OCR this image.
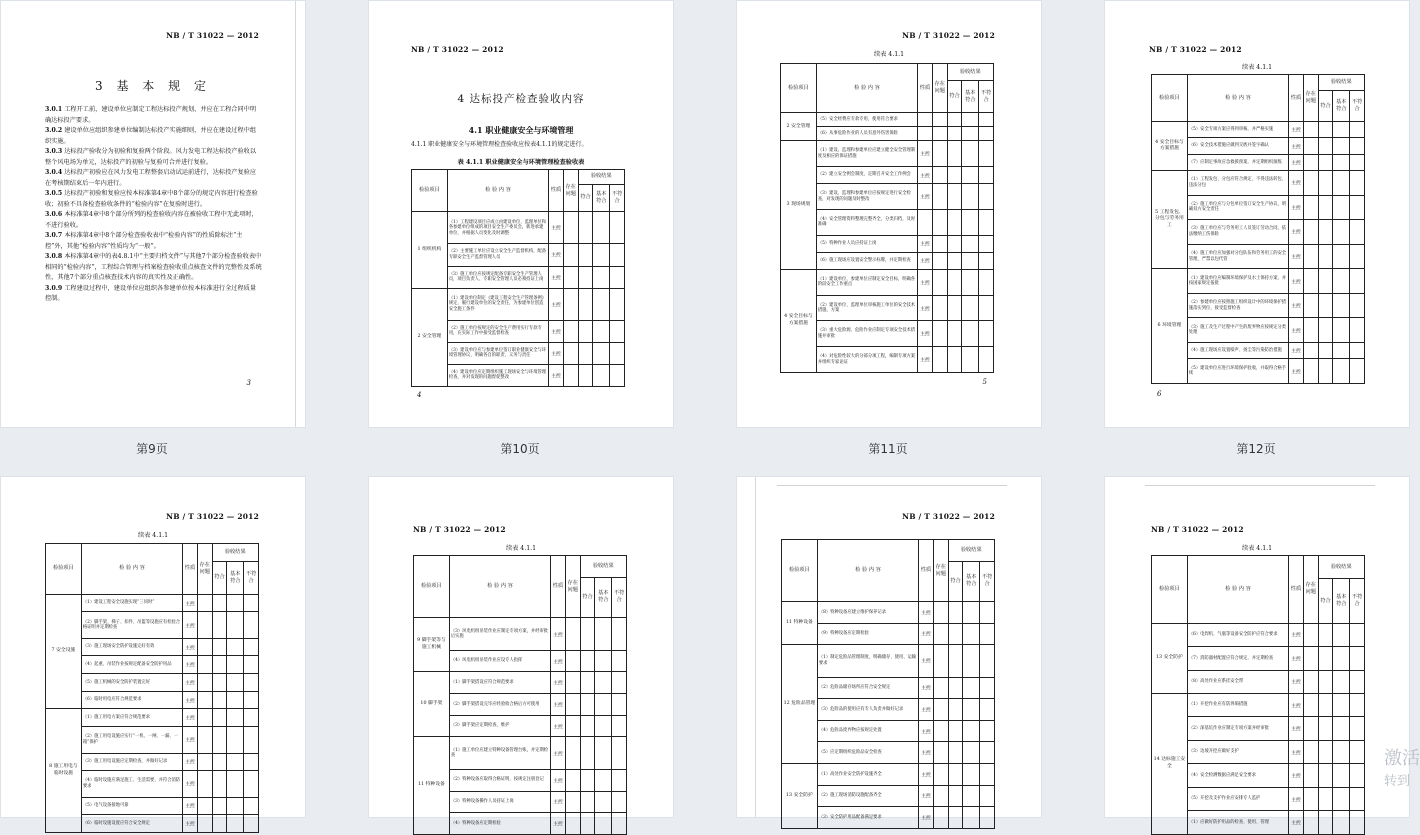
NB / T 31022 — 2012
3 基 本 规 定

3.0.1 工程开工前，建设单位应制定工程达标投产规划，并应在工程合同中明确达标投产要求。

3.0.2 建设单位应组织参建单位编制达标投产实施细则，并应在建设过程中组织实施。

3.0.3 达标投产验收分为初验和复验两个阶段。风力发电工程达标投产验收以整个风电场为单元，达标投产的初验与复验可合并进行复验。

3.0.4 达标投产初验应在风力发电工程整套启动试运前进行，达标投产复验应在考核期结束后一年内进行。

3.0.5 达标投产初验和复验应按本标准第4章中8个部分的规定内容进行检查验收；初验不具备检查验收条件的“检验内容”在复验时进行。

3.0.6 本标准第4章中8个部分所列的检查验收内容在被验收工程中无此项时，不进行验收。

3.0.7 本标准第4章中8个部分检查验收表中“检验内容”的性质除标注“主控”外，其他“检验内容”性质均为“一般”。

3.0.8 本标准第4章中的表4.8.1中“主要归档文件”与其他7个部分检查验收表中相同的“检验内容”，工程综合管理与档案检查验收重点核查文件的完整性及系统性，其他7个部分重点核查技术内容的真实性及正确性。

3.0.9 工程建设过程中，建设单位应组织各参建单位按本标准进行全过程质量控制。

3
第9页
NB / T 31022 — 2012
4 达标投产检查验收内容
4.1 职业健康安全与环境管理
4.1.1 职业健康安全与环境管理检查验收应按表4.1.1的规定进行。
表 4.1.1 职业健康安全与环境管理检查验收表
检验项目	检 验 内 容	性质	存在问题	验收结果		
				符合	基本符合	不符合
1 组织机构	（1）工程建设项目应成立由建设单位、监理单位和各参建单位组成的项目安全生产委员会，新进承建单位，并根据人员变化及时调整	主控				
	（2）主要施工单位应设立安全生产监督机构，配备专职安全生产监督管理人员	主控				
	（3）施工单位应按规定配备专职安全生产管理人员，项目负责人、专职安全管理人员必须持证上岗	主控				
2 安全管理	（1）建设单位制定《建设工程安全生产管理条例》规定，履行建设单位的安全责任，为参建单位创造安全施工条件	主控				
	（2）施工单位按规定的安全生产费用实行专款专用，在实际工作中接受监督检查	主控				
	（3）建设单位应与参建单位签订职业健康安全与环境管理协议，明确各自的职责、义务与责任	主控				
	（4）建设单位应定期组织施工现场安全与环境管理检查，并对发现的问题督促整改	主控				
4
第10页
NB / T 31022 — 2012
续表 4.1.1
检验项目	检 验 内 容	性质	存在问题	验收结果		
				符合	基本符合	不符合
2 安全管理	（5）安全经费应专款专用，使用符合要求					
	（6）从事危险作业的人员有意外伤害保险					
3 现场规划	（1）建设、监理和参建单位应建立健全安全管理制度及相应的保证措施	主控				
	（2）建立安全例会制度，定期召开安全工作例会	主控				
	（3）建设、监理和参建单位应按规定进行安全检查，对发现的问题及时整改	主控				
	（4）安全管理资料整理完整齐全，分类归档，及时准确					
	（5）特种作业人员应持证上岗	主控				
	（6）施工现场应设置安全警示标牌，并定期检查	主控				
4 安全目标与方案措施	（1）建设单位、参建单位应制定安全目标，明确各阶段安全工作重点	主控				
	（2）建设单位、监理单位审核施工单位的安全技术措施、方案	主控				
	（3）重大危险源、危险作业应制定专项安全技术措施并审批	主控				
	（4）对危险性较大的分部分项工程，编制专项方案并组织专家论证	主控				
5
第11页
NB / T 31022 — 2012
续表 4.1.1
检验项目	检 验 内 容	性质	存在问题	验收结果		
				符合	基本符合	不符合
4 安全目标与方案措施	（5）安全专项方案应得到审核，并严格实施	主控				
	（6）安全技术措施应做到交底并签字确认	主控				
	（7）应制定事故应急救援预案，并定期组织演练	主控				
5 工程发包、分包与劳务用工	（1）工程发包、分包应符合规定，不得违法转包、违法分包	主控				
	（2）施工单位应与分包单位签订安全生产协议，明确双方安全责任	主控				
	（3）施工单位应与劳务用工人员签订劳动合同，依法缴纳工伤保险	主控				
	（4）施工单位应加强对分包队伍和劳务用工的安全管理，严禁以包代管	主控				
6 环境管理	（1）建设单位应编制环境保护及水土保持方案，并按国家规定报批	主控				
	（2）参建单位应按照施工组织设计中的环境保护措施落实到位，接受监督检查	主控				
	（3）施工及生产过程中产生的废弃物应按规定分类处理	主控				
	（4）施工现场应设置噪声、扬尘等污染防治措施	主控				
	（5）建设单位应进行环境保护验收，并取得合格手续	主控				
6
第12页
NB / T 31022 — 2012
续表 4.1.1
检验项目	检 验 内 容	性质	存在问题	验收结果		
				符合	基本符合	不符合
7 安全设施	（1）建设工程安全设施实现“三同时”	主控				
	（2）脚手架、梯子、扣件、吊篮等设施应有检验合格证明并定期检查	主控				
	（3）施工现场安全防护设施完好有效	主控				
	（4）起重、吊装作业按规定配备安全防护用品	主控				
	（5）施工机械的安全防护装置完好	主控				
	（6）临时用电应符合规范要求	主控				
8 施工用电与临时设施	（1）施工用电方案应符合规范要求	主控				
	（2）施工用电设施应实行“一机、一闸、一漏、一箱”保护	主控				
	（3）施工用电设施应定期检查，并做好记录	主控				
	（4）临时设施应满足施工、生活需要，并符合消防要求	主控				
	（5）电气设备接地可靠	主控				
	（6）临时设施设置应符合安全规定	主控				
NB / T 31022 — 2012
续表 4.1.1
检验项目	检 验 内 容	性质	存在问题	验收结果		
				符合	基本符合	不符合
9 脚手架等与施工机械	（3）风电机组吊装作业应制定专项方案，并经审批后实施	主控				
	（4）风电机组吊装作业应设专人指挥	主控				
10 脚手架	（1）脚手架搭设应符合规范要求	主控				
	（2）脚手架搭设完毕应经验收合格后方可使用	主控				
	（3）脚手架应定期检查、维护	主控				
11 特种设备	（1）施工单位应建立特种设备管理台账，并定期检查	主控				
	（2）特种设备应取得合格证明，按规定注册登记	主控				
	（3）特种设备操作人员持证上岗	主控				
	（4）特种设备应定期检验	主控				
NB / T 31022 — 2012
检验项目	检 验 内 容	性质	存在问题	验收结果		
				符合	基本符合	不符合
11 特种设备	（8）特种设备应建立维护保养记录	主控				
	（9）特种设备应定期检验	主控				
12 危险品管理	（1）制定危险品管理制度，明确储存、使用、运输要求	主控				
	（2）危险品储存场所应符合安全规定	主控				
	（3）危险品的使用应有专人负责并做好记录	主控				
	（4）危险品废弃物应按规定处置	主控				
	（5）应定期组织危险品安全检查	主控				
13 安全防护	（1）高处作业安全防护设施齐全	主控				
	（2）施工现场消防设施配备齐全	主控				
	（3）安全防护用品配备满足要求	主控				
NB / T 31022 — 2012
续表 4.1.1
检验项目	检 验 内 容	性质	存在问题	验收结果		
				符合	基本符合	不符合
13 安全防护	（6）电焊机、气瓶等设备安全防护应符合要求	主控				
	（7）消防器材配置应符合规定，并定期检查	主控				
	（8）高处作业应系挂安全带	主控				
14 达标施工安全	（1）开挖作业应有防坍塌措施	主控				
	（2）深基坑作业应制定专项方案并经审批	主控				
	（3）边坡开挖应做好支护	主控				
	（4）安全检测数据应满足安全要求	主控				
	（5）开挖及支护作业应安排专人监护	主控				
	（1）应做好防护用品的检查、使用、管理	主控				
激活
转到
